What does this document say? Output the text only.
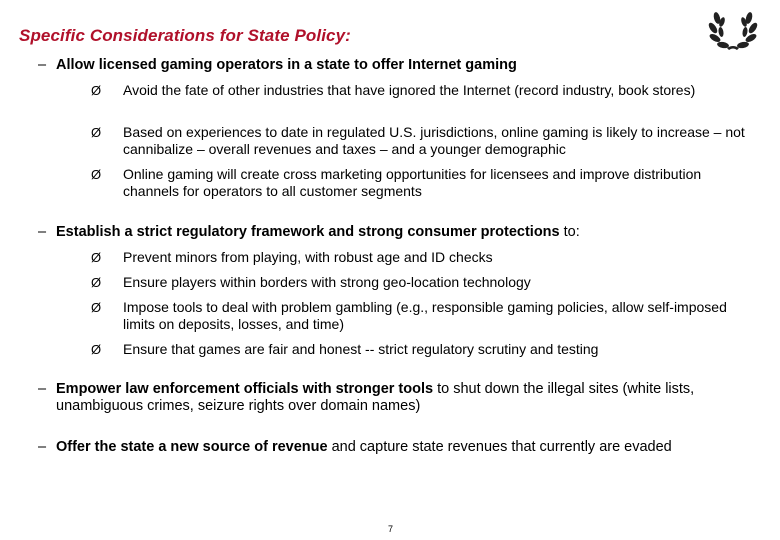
Specific Considerations for State Policy:
– Allow licensed gaming operators in a state to offer Internet gaming
Ø Avoid the fate of other industries that have ignored the Internet (record industry, book stores)
Ø Based on experiences to date in regulated U.S. jurisdictions, online gaming is likely to increase – not cannibalize – overall revenues and taxes – and a younger demographic
Ø Online gaming will create cross marketing opportunities for licensees and improve distribution channels for operators to all customer segments
– Establish a strict regulatory framework and strong consumer protections to:
Ø Prevent minors from playing, with robust age and ID checks
Ø Ensure players within borders with strong geo-location technology
Ø Impose tools to deal with problem gambling (e.g., responsible gaming policies, allow self-imposed limits on deposits, losses, and time)
Ø Ensure that games are fair and honest -- strict regulatory scrutiny and testing
– Empower law enforcement officials with stronger tools to shut down the illegal sites (white lists, unambiguous crimes, seizure rights over domain names)
– Offer the state a new source of revenue and capture state revenues that currently are evaded
7
